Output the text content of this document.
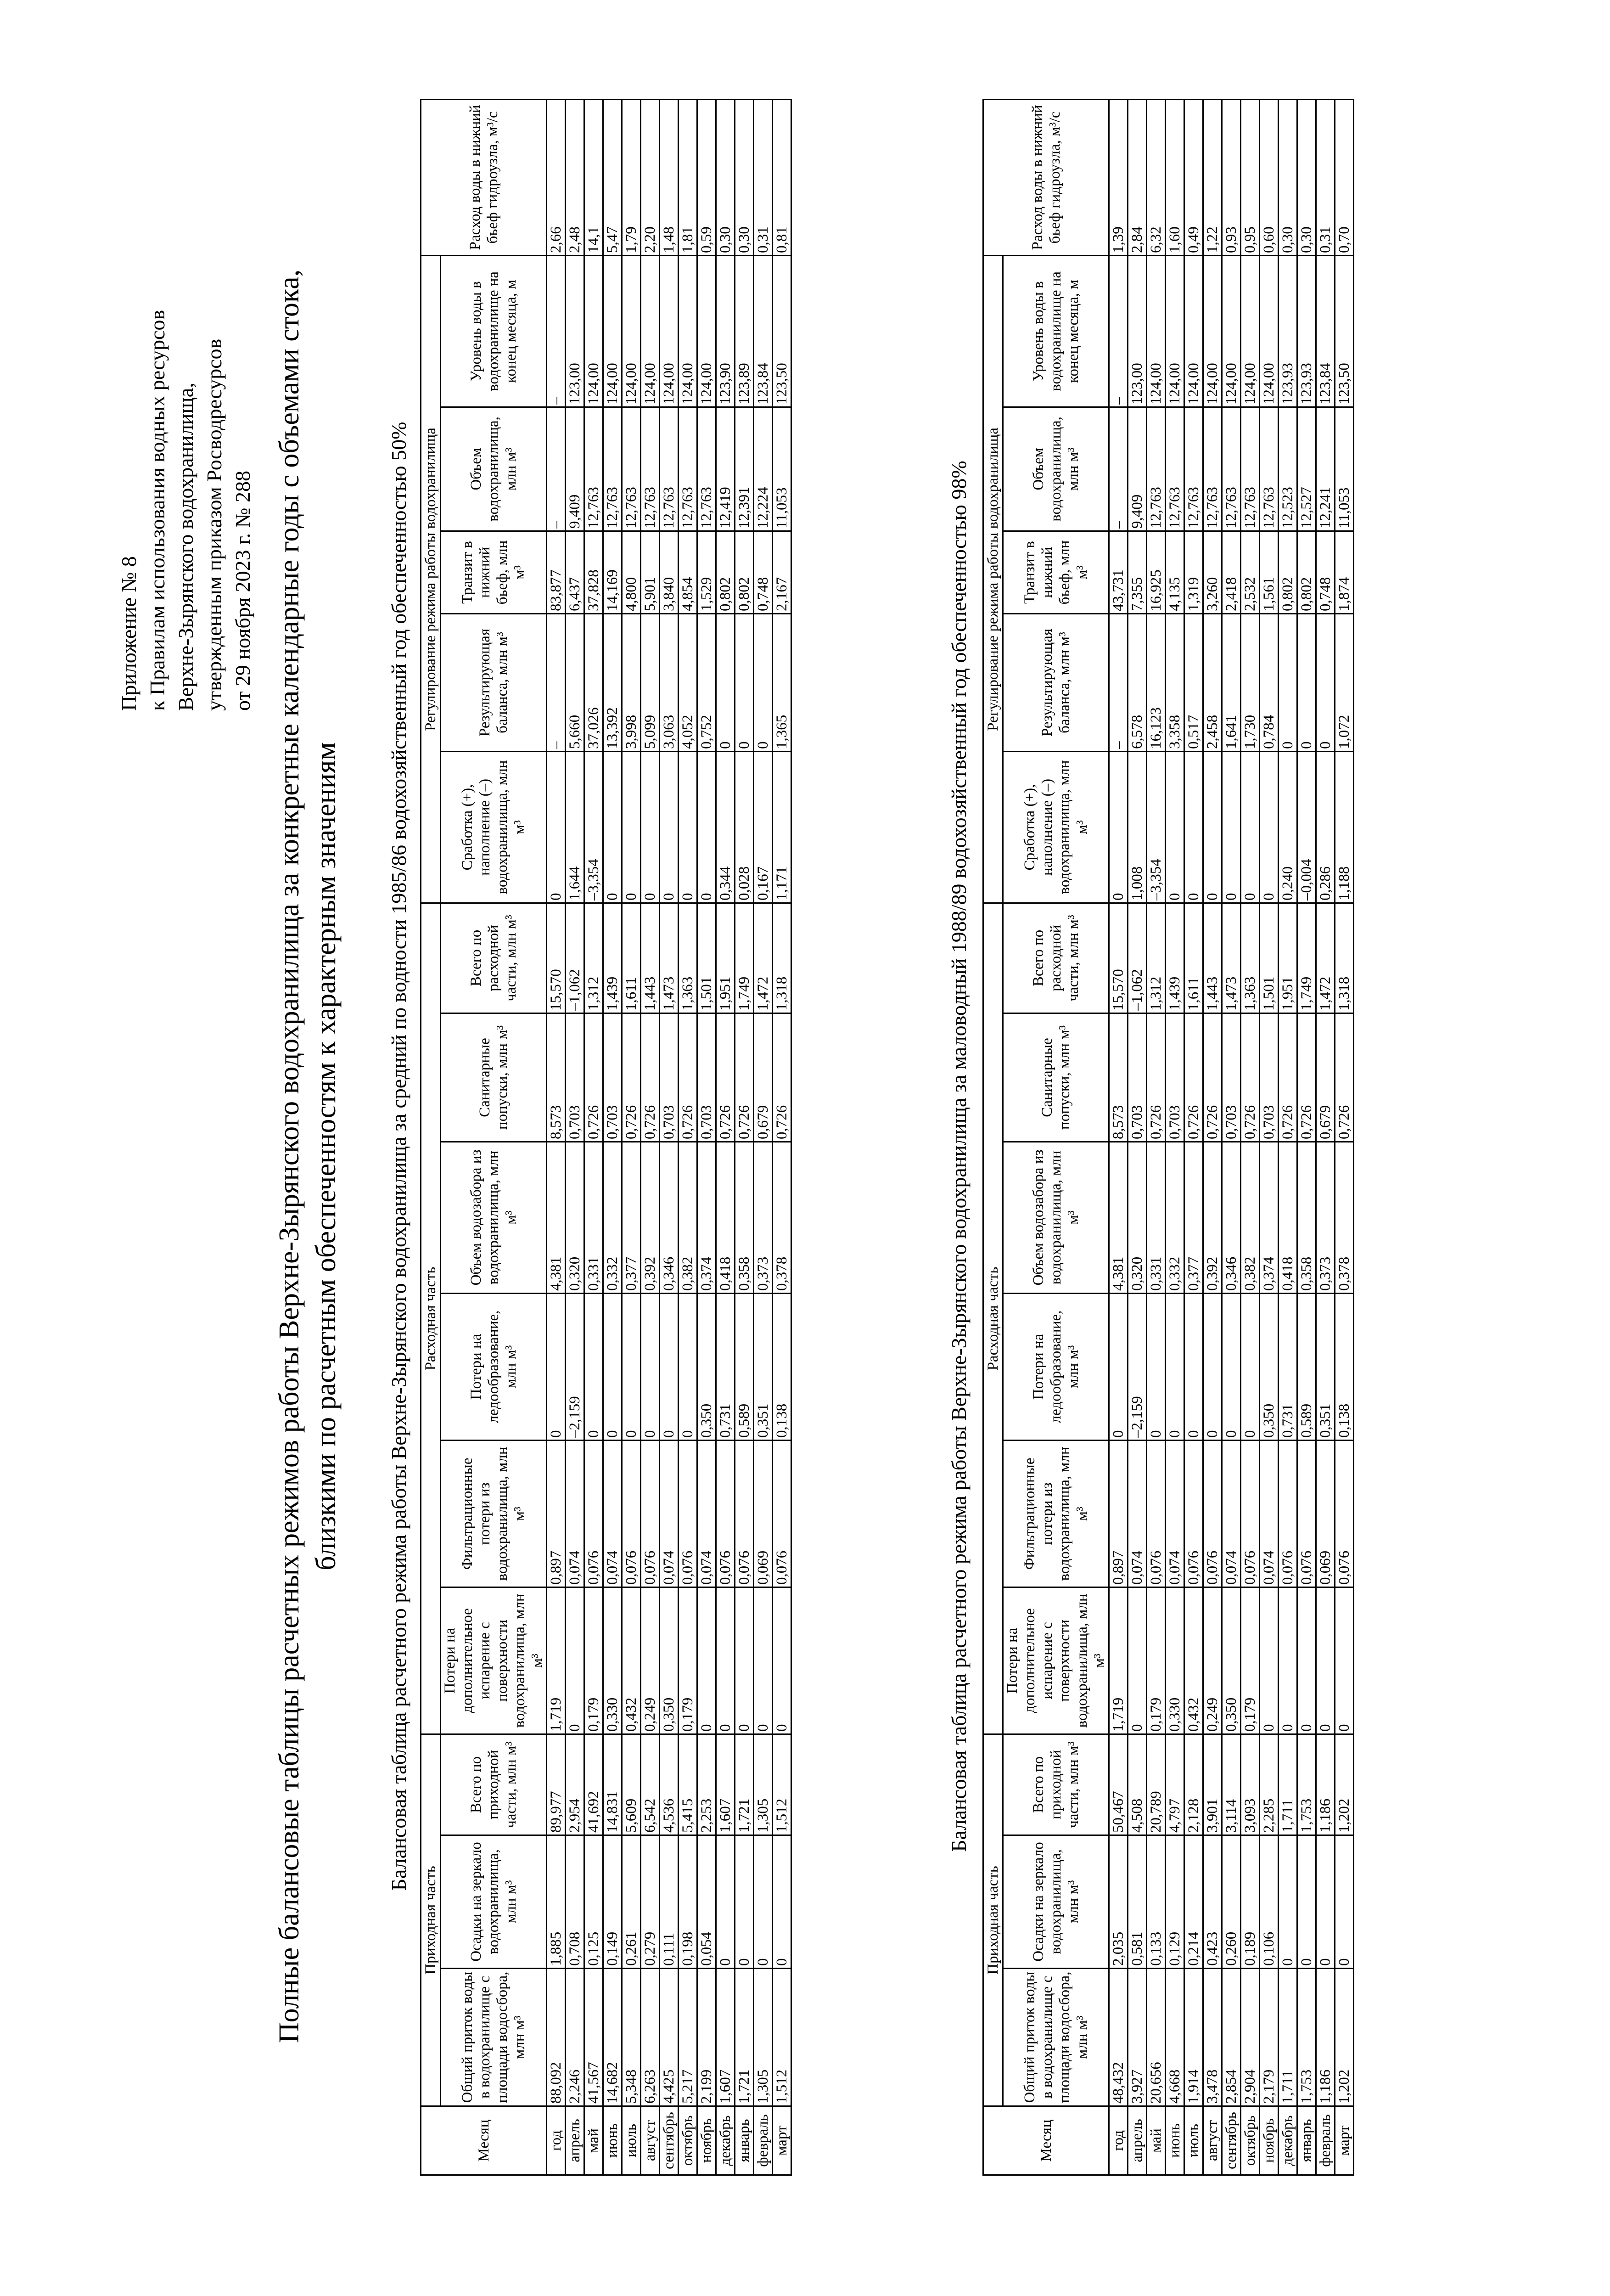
Приложение № 8 к Правилам использования водных ресурсов Верхне-Зырянского водохранилища, утвержденным приказом Росводресурсов от 29 ноября 2023 г. № 288 Полные балансовые таблицы расчетных режимов работы Верхне-Зырянского водохранилища за конкретные календарные годы с объемами стока, близкими по расчетным обеспеченностям к характерным значениям Балансовая таблица расчетного режима работы Верхне-Зырянского водохранилища за средний по водности 1985/86 водохозяйственный год обеспеченностью 50%
Месяц	Приходная часть			Расходная часть						Регулирование режима работы водохранилища					Расход воды в нижний бьеф гидроузла, м³/с
	Общий приток воды в водохранилище с площади водосбора, млн м³	Осадки на зеркало водохранилища, млн м³	Всего по приходной части, млн м³	Потери на дополнительное испарение с поверхности водохранилища, млн м³	Фильтрационные потери из водохранилища, млн м³	Потери на ледообразование, млн м³	Объем водозабора из водохранилища, млн м³	Санитарные попуски, млн м³	Всего по расходной части, млн м³	Сработка (+), наполнение (–) водохранилища, млн м³	Результирующая баланса, млн м³	Транзит в нижний бьеф, млн м³	Объем водохранилища, млн м³	Уровень воды в водохранилище на конец месяца, м	
год	88,092	1,885	89,977	1,719	0,897	0	4,381	8,573	15,570	0	–	83,877	–	–	2,66
апрель	2,246	0,708	2,954	0	0,074	–2,159	0,320	0,703	–1,062	1,644	5,660	6,437	9,409	123,00	2,48
май	41,567	0,125	41,692	0,179	0,076	0	0,331	0,726	1,312	–3,354	37,026	37,828	12,763	124,00	14,1
июнь	14,682	0,149	14,831	0,330	0,074	0	0,332	0,703	1,439	0	13,392	14,169	12,763	124,00	5,47
июль	5,348	0,261	5,609	0,432	0,076	0	0,377	0,726	1,611	0	3,998	4,800	12,763	124,00	1,79
август	6,263	0,279	6,542	0,249	0,076	0	0,392	0,726	1,443	0	5,099	5,901	12,763	124,00	2,20
сентябрь	4,425	0,111	4,536	0,350	0,074	0	0,346	0,703	1,473	0	3,063	3,840	12,763	124,00	1,48
октябрь	5,217	0,198	5,415	0,179	0,076	0	0,382	0,726	1,363	0	4,052	4,854	12,763	124,00	1,81
ноябрь	2,199	0,054	2,253	0	0,074	0,350	0,374	0,703	1,501	0	0,752	1,529	12,763	124,00	0,59
декабрь	1,607	0	1,607	0	0,076	0,731	0,418	0,726	1,951	0,344	0	0,802	12,419	123,90	0,30
январь	1,721	0	1,721	0	0,076	0,589	0,358	0,726	1,749	0,028	0	0,802	12,391	123,89	0,30
февраль	1,305	0	1,305	0	0,069	0,351	0,373	0,679	1,472	0,167	0	0,748	12,224	123,84	0,31
март	1,512	0	1,512	0	0,076	0,138	0,378	0,726	1,318	1,171	1,365	2,167	11,053	123,50	0,81
Балансовая таблица расчетного режима работы Верхне-Зырянского водохранилища за маловодный 1988/89 водохозяйственный год обеспеченностью 98%
Месяц	Приходная часть			Расходная часть						Регулирование режима работы водохранилища					Расход воды в нижний бьеф гидроузла, м³/с
	Общий приток воды в водохранилище с площади водосбора, млн м³	Осадки на зеркало водохранилища, млн м³	Всего по приходной части, млн м³	Потери на дополнительное испарение с поверхности водохранилища, млн м³	Фильтрационные потери из водохранилища, млн м³	Потери на ледообразование, млн м³	Объем водозабора из водохранилища, млн м³	Санитарные попуски, млн м³	Всего по расходной части, млн м³	Сработка (+), наполнение (–) водохранилища, млн м³	Результирующая баланса, млн м³	Транзит в нижний бьеф, млн м³	Объем водохранилища, млн м³	Уровень воды в водохранилище на конец месяца, м	
год	48,432	2,035	50,467	1,719	0,897	0	4,381	8,573	15,570	0	–	43,731	–	–	1,39
апрель	3,927	0,581	4,508	0	0,074	–2,159	0,320	0,703	–1,062	1,008	6,578	7,355	9,409	123,00	2,84
май	20,656	0,133	20,789	0,179	0,076	0	0,331	0,726	1,312	–3,354	16,123	16,925	12,763	124,00	6,32
июнь	4,668	0,129	4,797	0,330	0,074	0	0,332	0,703	1,439	0	3,358	4,135	12,763	124,00	1,60
июль	1,914	0,214	2,128	0,432	0,076	0	0,377	0,726	1,611	0	0,517	1,319	12,763	124,00	0,49
август	3,478	0,423	3,901	0,249	0,076	0	0,392	0,726	1,443	0	2,458	3,260	12,763	124,00	1,22
сентябрь	2,854	0,260	3,114	0,350	0,074	0	0,346	0,703	1,473	0	1,641	2,418	12,763	124,00	0,93
октябрь	2,904	0,189	3,093	0,179	0,076	0	0,382	0,726	1,363	0	1,730	2,532	12,763	124,00	0,95
ноябрь	2,179	0,106	2,285	0	0,074	0,350	0,374	0,703	1,501	0	0,784	1,561	12,763	124,00	0,60
декабрь	1,711	0	1,711	0	0,076	0,731	0,418	0,726	1,951	0,240	0	0,802	12,523	123,93	0,30
январь	1,753	0	1,753	0	0,076	0,589	0,358	0,726	1,749	–0,004	0	0,802	12,527	123,93	0,30
февраль	1,186	0	1,186	0	0,069	0,351	0,373	0,679	1,472	0,286	0	0,748	12,241	123,84	0,31
март	1,202	0	1,202	0	0,076	0,138	0,378	0,726	1,318	1,188	1,072	1,874	11,053	123,50	0,70
